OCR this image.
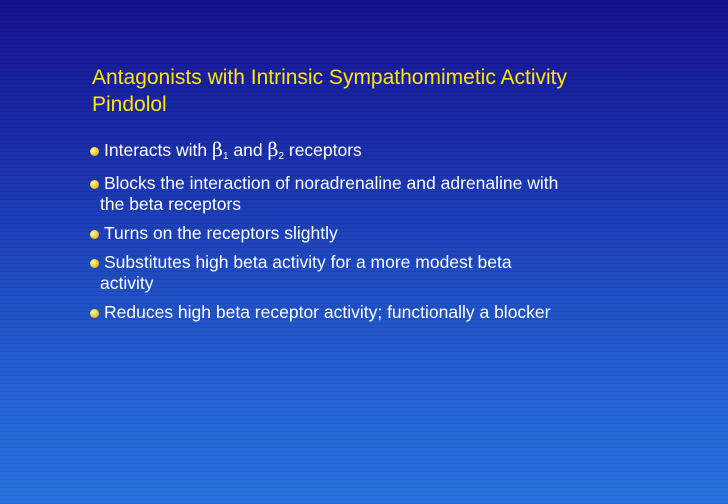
Antagonists with Intrinsic Sympathomimetic Activity
Pindolol
Interacts with $\beta_1$ and $\beta_2$ receptors
Blocks the interaction of noradrenaline and adrenaline with
the beta receptors
Turns on the receptors slightly
Substitutes high beta activity for a more modest beta
activity
Reduces high beta receptor activity; functionally a blocker
